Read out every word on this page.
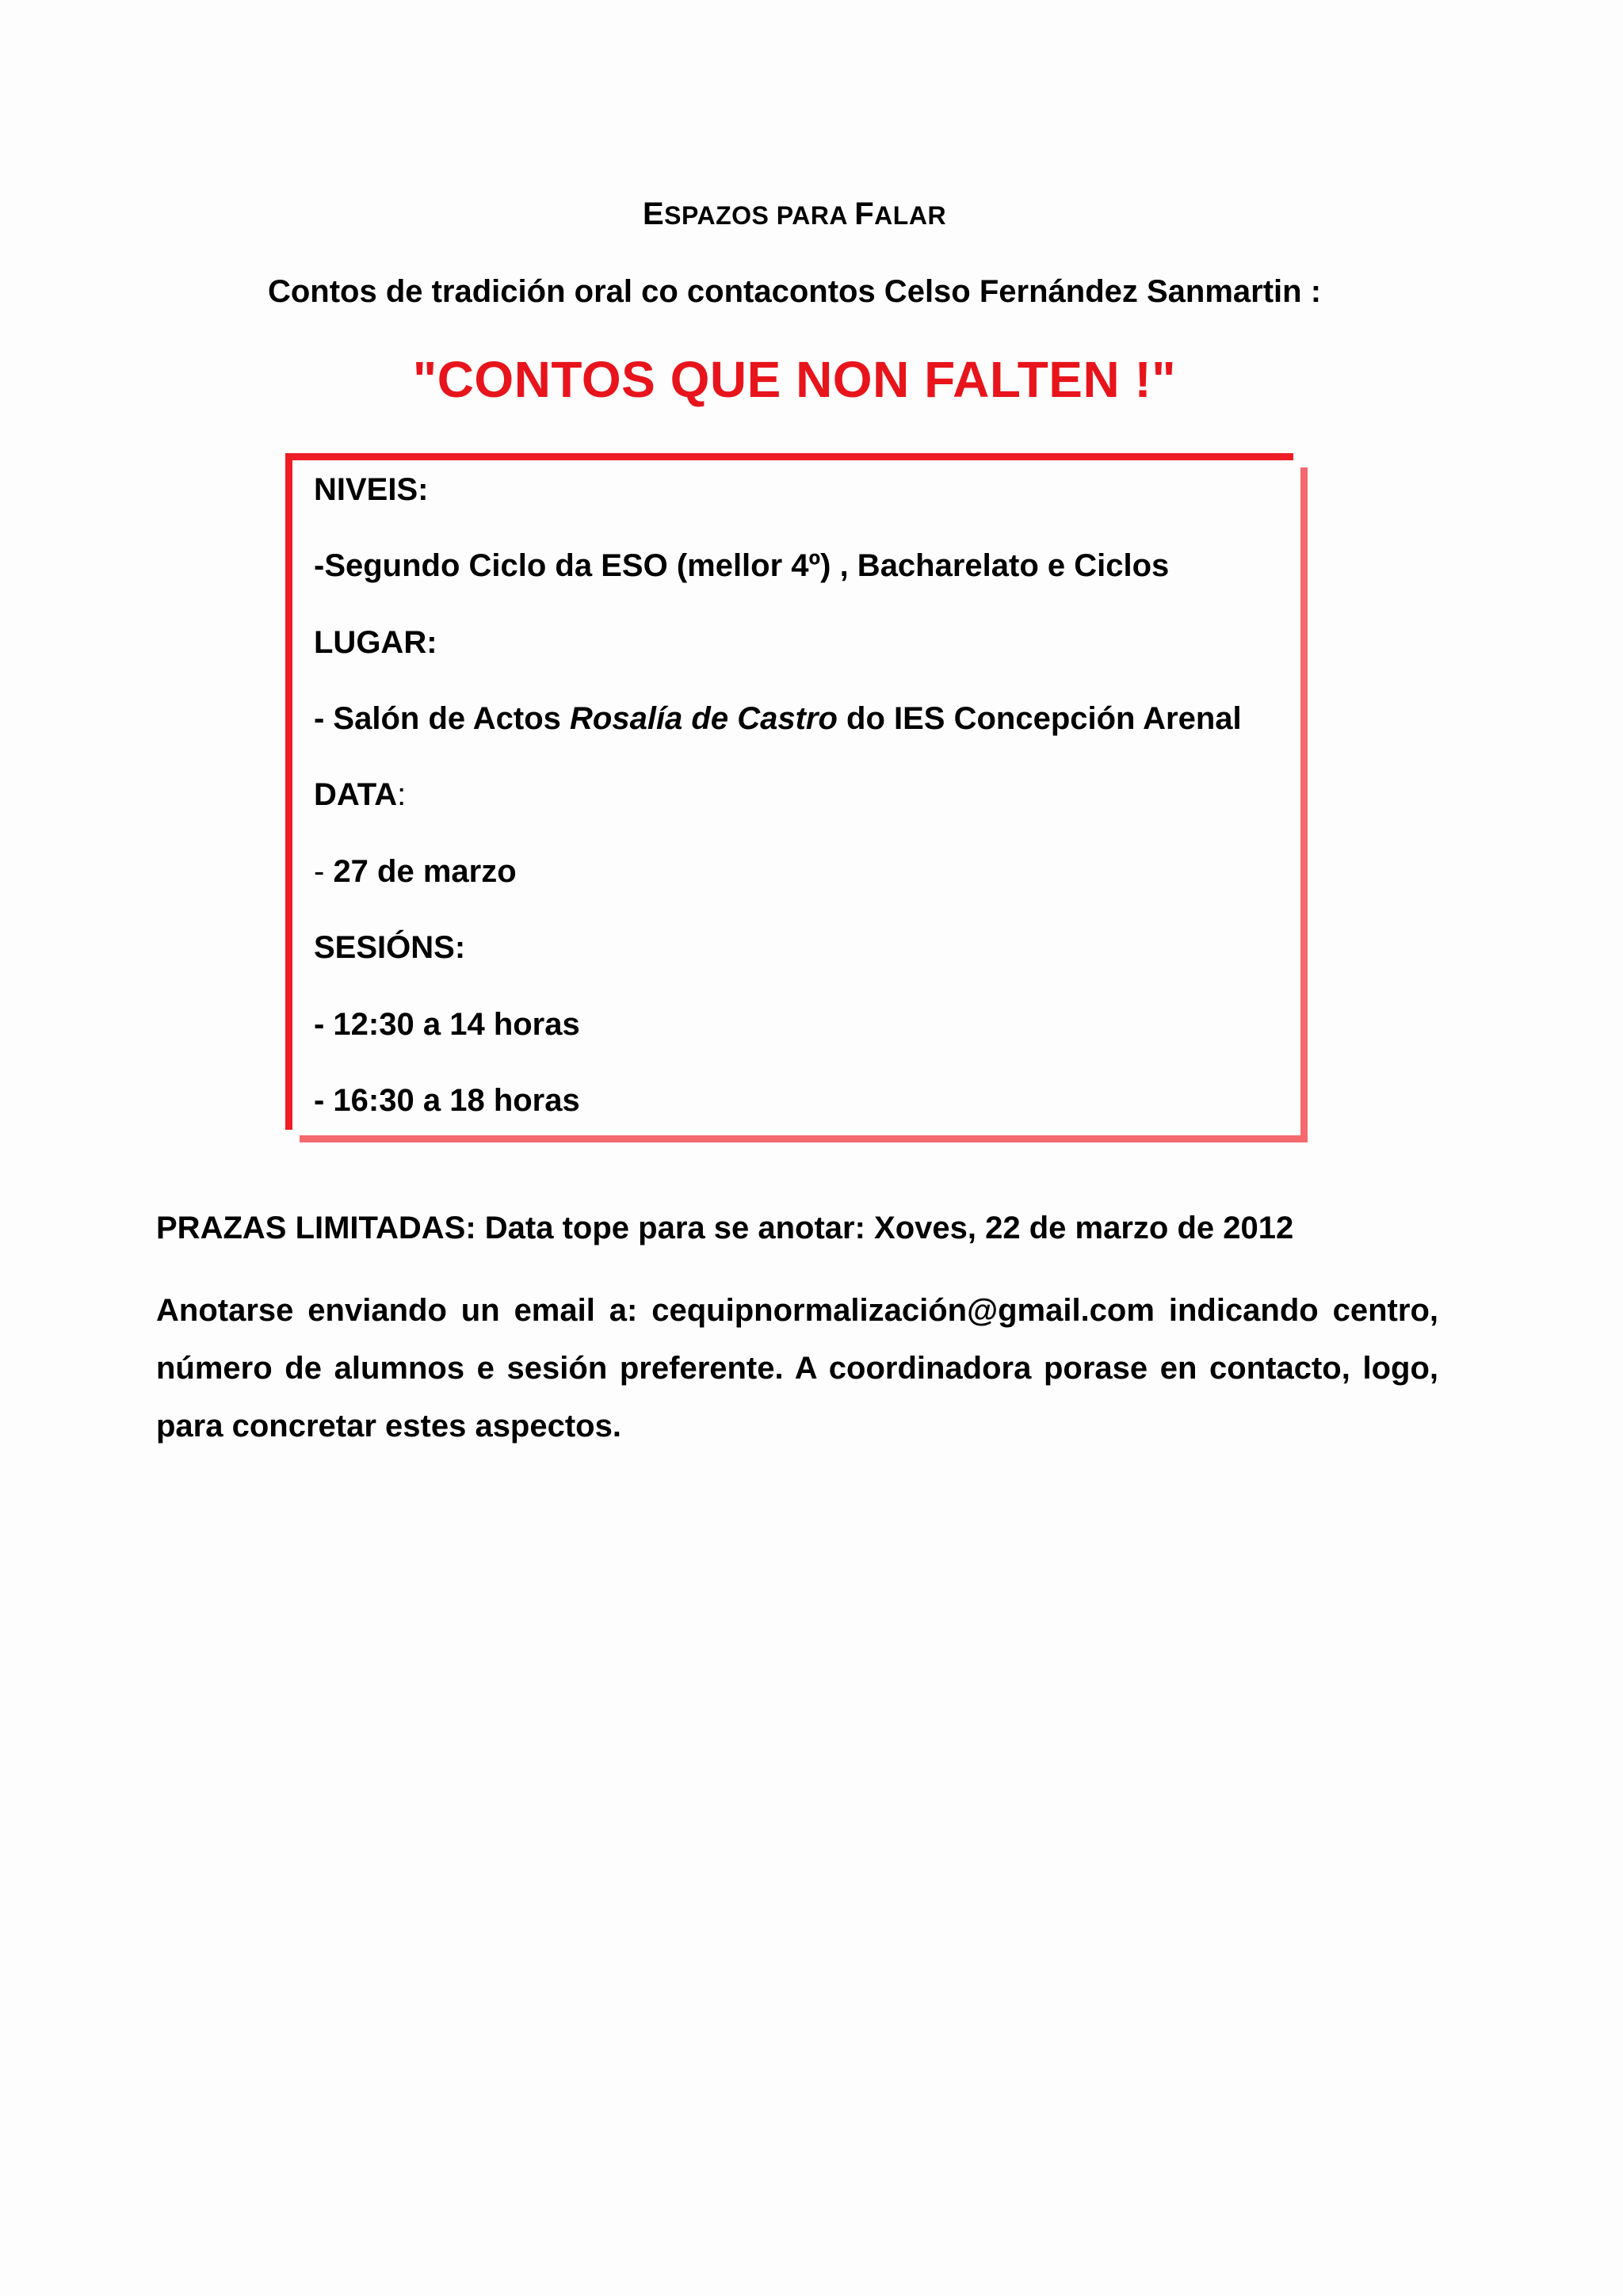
ESPAZOS PARA FALAR
Contos de tradición oral co contacontos Celso Fernández Sanmartin :
"CONTOS QUE NON FALTEN !"
NIVEIS:
-Segundo Ciclo da ESO (mellor 4º) , Bacharelato e Ciclos
LUGAR:
- Salón de Actos Rosalía de Castro do IES Concepción Arenal
DATA:
- 27 de marzo
SESIÓNS:
- 12:30 a 14 horas
- 16:30 a 18 horas
PRAZAS LIMITADAS: Data tope para se anotar: Xoves, 22 de marzo de 2012
Anotarse enviando un email a: cequipnormalización@gmail.com indicando centro, número de alumnos e sesión preferente. A coordinadora porase en contacto, logo, para concretar estes aspectos.
